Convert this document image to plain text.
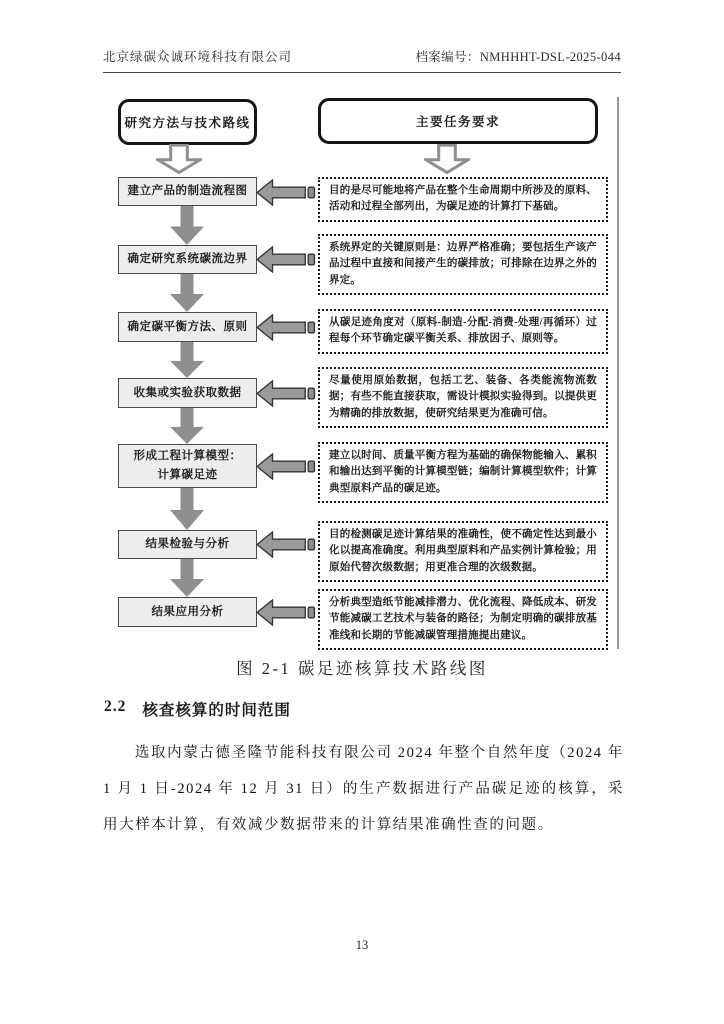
北京绿碳众诚环境科技有限公司	档案编号：NMHHHT-DSL-2025-044
研究方法与技术路线	主要任务要求
建立产品的制造流程图
确定研究系统碳流边界
确定碳平衡方法、原则
收集或实验获取数据
形成工程计算模型：
计算碳足迹
结果检验与分析
结果应用分析
目的是尽可能地将产品在整个生命周期中所涉及的原料、活动和过程全部列出，为碳足迹的计算打下基础。
系统界定的关键原则是：边界严格准确；要包括生产该产品过程中直接和间接产生的碳排放；可排除在边界之外的界定。
从碳足迹角度对（原料-制造-分配-消费-处理/再循环）过程每个环节确定碳平衡关系、排放因子、原则等。
尽量使用原始数据，包括工艺、装备、各类能流物流数据；有些不能直接获取，需设计模拟实验得到。以提供更为精确的排放数据，使研究结果更为准确可信。
建立以时间、质量平衡方程为基础的确保物能输入、累积和输出达到平衡的计算模型链；编制计算模型软件；计算典型原料产品的碳足迹。
目的检测碳足迹计算结果的准确性，使不确定性达到最小化以提高准确度。利用典型原料和产品实例计算检验；用原始代替次级数据；用更准合理的次级数据。
分析典型造纸节能减排潜力、优化流程、降低成本、研发节能减碳工艺技术与装备的路径；为制定明确的碳排放基准线和长期的节能减碳管理措施提出建议。
图 2-1 碳足迹核算技术路线图
2.2 核查核算的时间范围
选取内蒙古德圣隆节能科技有限公司 2024 年整个自然年度（2024 年 1 月 1 日-2024 年 12 月 31 日）的生产数据进行产品碳足迹的核算，采用大样本计算，有效减少数据带来的计算结果准确性查的问题。
13
